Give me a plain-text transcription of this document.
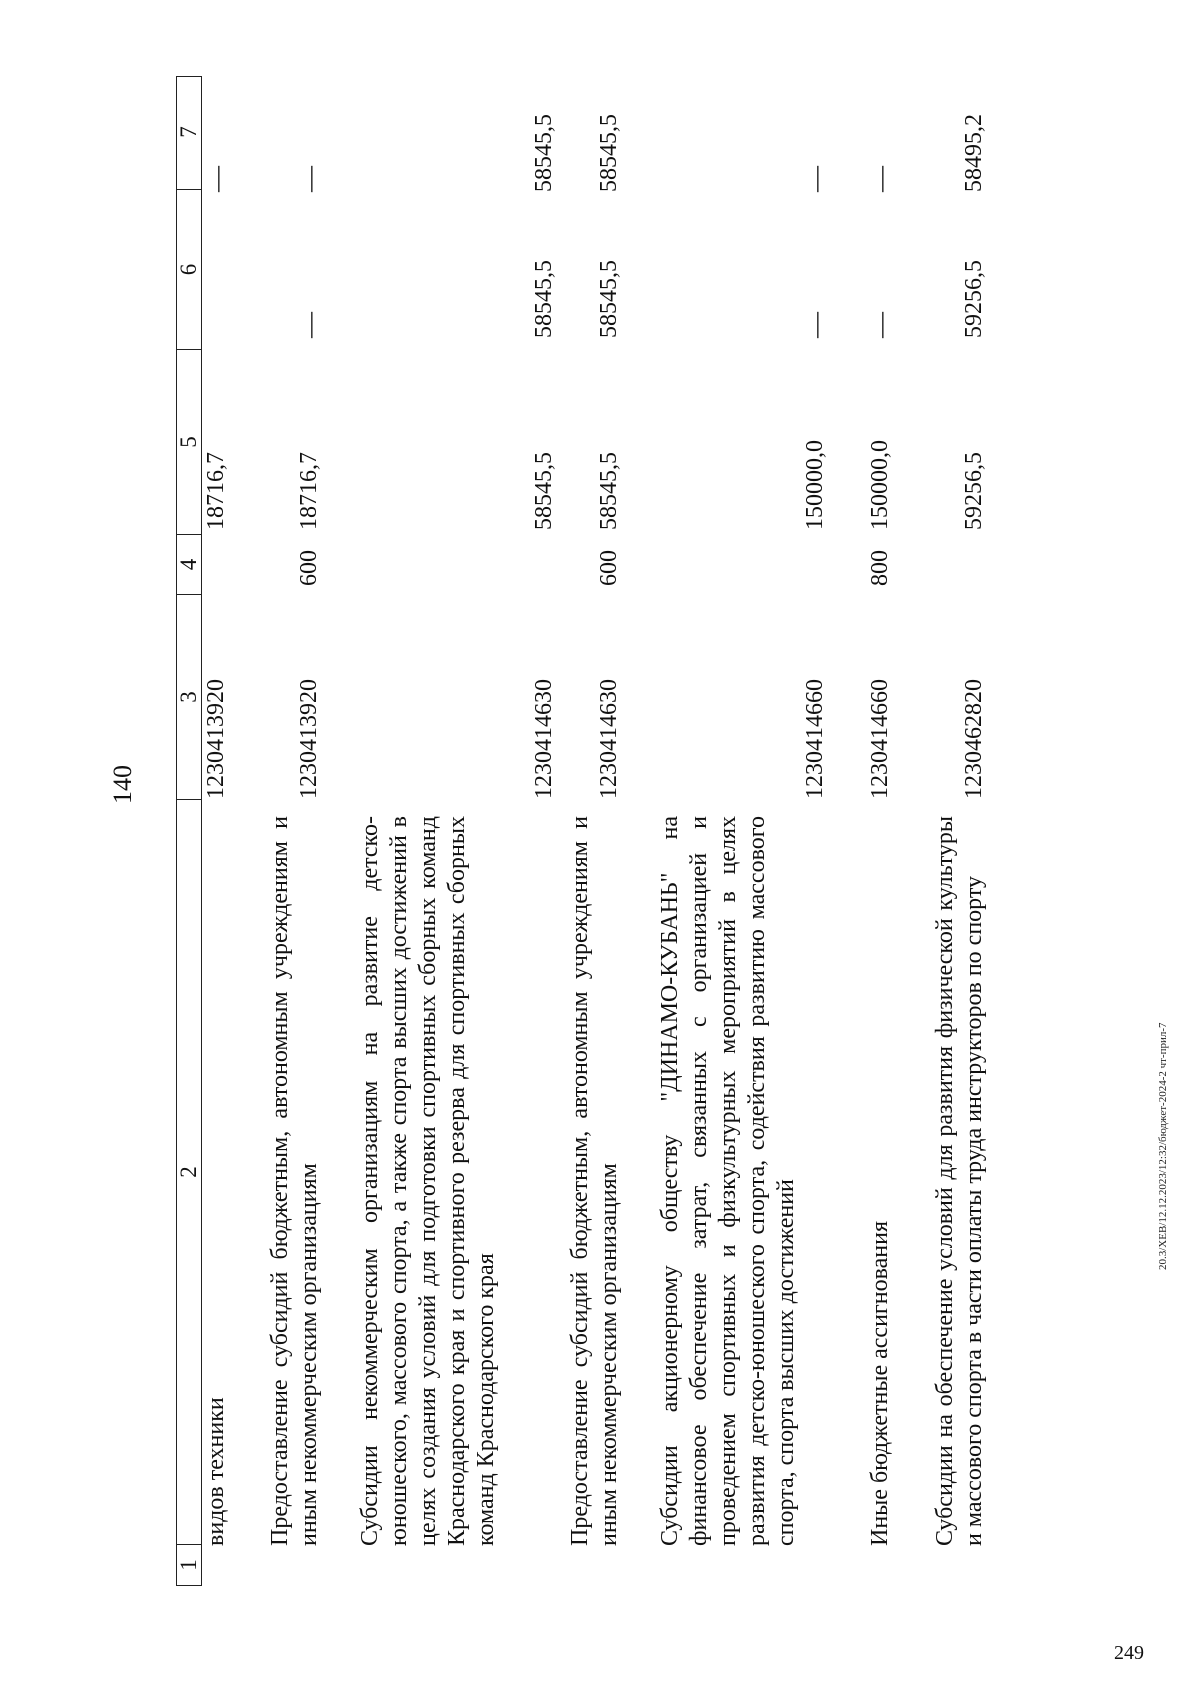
140
249
20.3/ХЕВ/12.12.2023/12:32/бюджет-2024-2 чт-прил-7
1
2
3
4
5
6
7
видов техники
1230413920
18716,7
—
Предоставление субсидий бюджетным, автономным учреждениям и иным некоммерческим организациям
1230413920
600
18716,7
—
—
Субсидии некоммерческим организациям на развитие детско-юношеского, массового спорта, а также спорта высших достижений в целях создания условий для подготовки спортивных сборных команд Краснодарского края и спортивного резерва для спортивных сборных команд Краснодарского края
1230414630
58545,5
58545,5
58545,5
Предоставление субсидий бюджетным, автономным учреждениям и иным некоммерческим организациям
1230414630
600
58545,5
58545,5
58545,5
Субсидии акционерному обществу "ДИНАМО-КУБАНЬ" на финансовое обеспечение затрат, связанных с организацией и проведением спортивных и физкультурных мероприятий в целях развития детско-юношеского спорта, содействия развитию массового спорта, спорта высших достижений
1230414660
150000,0
—
—
Иные бюджетные ассигнования
1230414660
800
150000,0
—
—
Субсидии на обеспечение условий для развития физической культуры и массового спорта в части оплаты труда инструкторов по спорту
1230462820
59256,5
59256,5
58495,2
